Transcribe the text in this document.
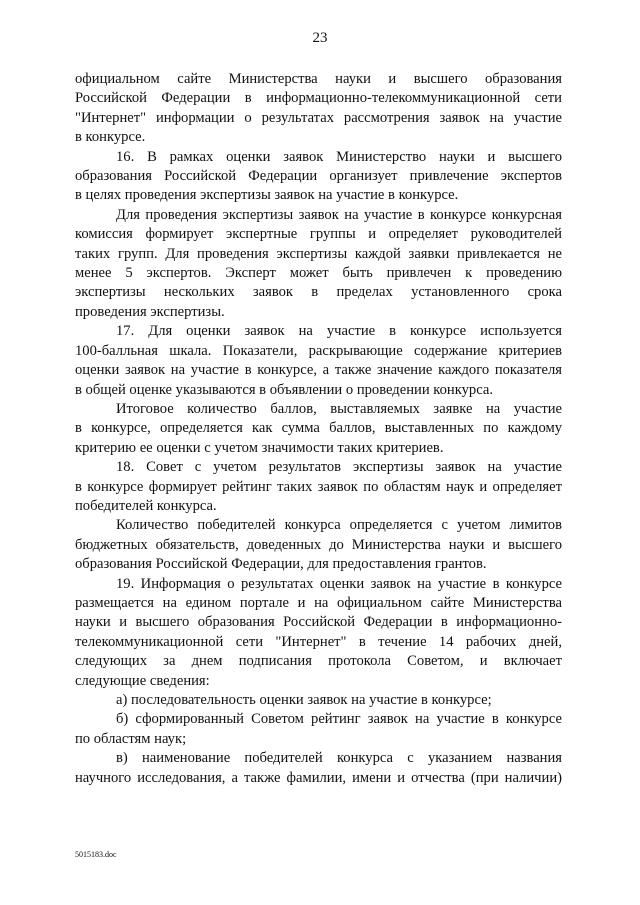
23

официальном сайте Министерства науки и высшего образования

Российской Федерации в информационно-телекоммуникационной сети

"Интернет" информации о результатах рассмотрения заявок на участие

в конкурсе.

16. В рамках оценки заявок Министерство науки и высшего

образования Российской Федерации организует привлечение экспертов

в целях проведения экспертизы заявок на участие в конкурсе.

Для проведения экспертизы заявок на участие в конкурсе конкурсная

комиссия формирует экспертные группы и определяет руководителей

таких групп. Для проведения экспертизы каждой заявки привлекается не

менее 5 экспертов. Эксперт может быть привлечен к проведению

экспертизы нескольких заявок в пределах установленного срока

проведения экспертизы.

17. Для оценки заявок на участие в конкурсе используется

100-балльная шкала. Показатели, раскрывающие содержание критериев

оценки заявок на участие в конкурсе, а также значение каждого показателя

в общей оценке указываются в объявлении о проведении конкурса.

Итоговое количество баллов, выставляемых заявке на участие

в конкурсе, определяется как сумма баллов, выставленных по каждому

критерию ее оценки с учетом значимости таких критериев.

18. Совет с учетом результатов экспертизы заявок на участие

в конкурсе формирует рейтинг таких заявок по областям наук и определяет

победителей конкурса.

Количество победителей конкурса определяется с учетом лимитов

бюджетных обязательств, доведенных до Министерства науки и высшего

образования Российской Федерации, для предоставления грантов.

19. Информация о результатах оценки заявок на участие в конкурсе

размещается на едином портале и на официальном сайте Министерства

науки и высшего образования Российской Федерации в информационно-

телекоммуникационной сети "Интернет" в течение 14 рабочих дней,

следующих за днем подписания протокола Советом, и включает

следующие сведения:

а) последовательность оценки заявок на участие в конкурсе;

б) сформированный Советом рейтинг заявок на участие в конкурсе

по областям наук;

в) наименование победителей конкурса с указанием названия

научного исследования, а также фамилии, имени и отчества (при наличии)

5015183.doc
